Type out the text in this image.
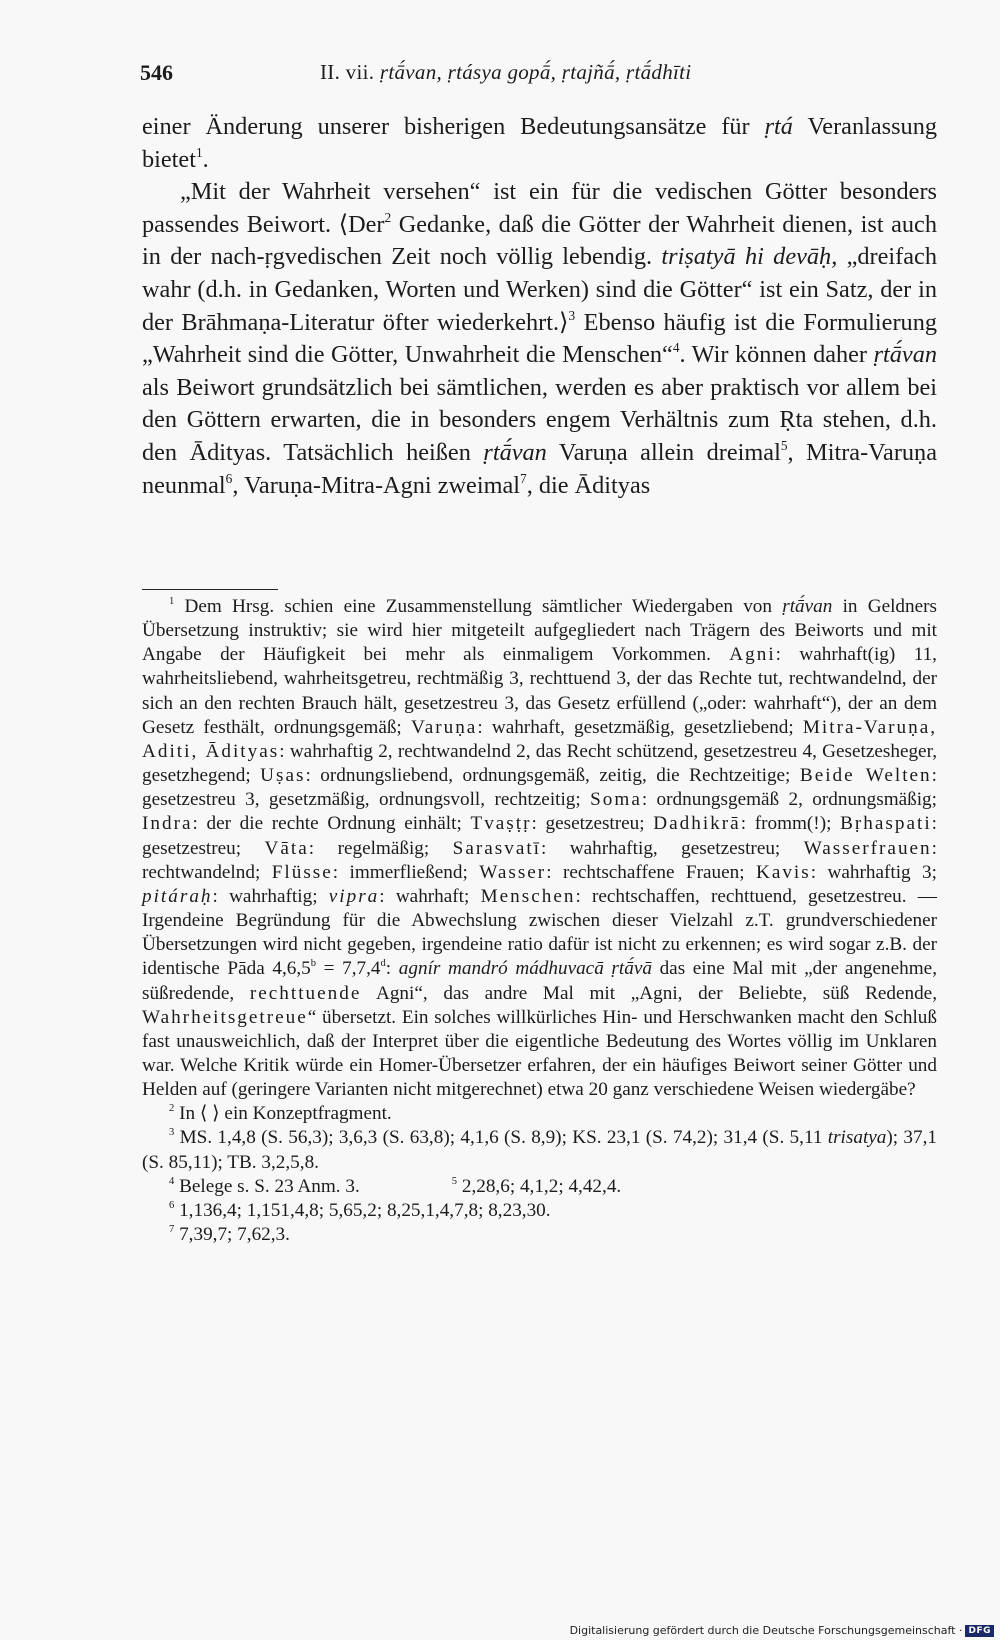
546	II. vii. ṛtā́van, ṛtásya gopā́, ṛtajñā́, ṛtā́dhīti

einer Änderung unserer bisherigen Bedeutungsansätze für ṛtá Veranlassung bietet$^1$.

„Mit der Wahrheit versehen“ ist ein für die vedischen Götter besonders passendes Beiwort. ⟨Der$^2$ Gedanke, daß die Götter der Wahrheit dienen, ist auch in der nach-ṛgvedischen Zeit noch völlig lebendig. triṣatyā hi devāḥ, „dreifach wahr (d.h. in Gedanken, Worten und Werken) sind die Götter“ ist ein Satz, der in der Brāhmaṇa-Literatur öfter wiederkehrt.⟩$^3$ Ebenso häufig ist die Formulierung „Wahrheit sind die Götter, Unwahrheit die Menschen“$^4$. Wir können daher ṛtā́van als Beiwort grundsätzlich bei sämtlichen, werden es aber praktisch vor allem bei den Göttern erwarten, die in besonders engem Verhältnis zum Ṛta stehen, d.h. den Ādityas. Tatsächlich heißen ṛtā́van Varuṇa allein dreimal$^5$, Mitra-Varuṇa neunmal$^6$, Varuṇa-Mitra-Agni zweimal$^7$, die Ādityas

$^1$ Dem Hrsg. schien eine Zusammenstellung sämtlicher Wiedergaben von ṛtā́van in Geldners Übersetzung instruktiv; sie wird hier mitgeteilt aufgegliedert nach Trägern des Beiworts und mit Angabe der Häufigkeit bei mehr als einmaligem Vorkommen. Agni: wahrhaft(ig) 11, wahrheitsliebend, wahrheitsgetreu, rechtmäßig 3, rechttuend 3, der das Rechte tut, rechtwandelnd, der sich an den rechten Brauch hält, gesetzestreu 3, das Gesetz erfüllend („oder: wahrhaft“), der an dem Gesetz festhält, ordnungsgemäß; Varuṇa: wahrhaft, gesetzmäßig, gesetzliebend; Mitra-Varuṇa, Aditi, Ādityas: wahrhaftig 2, rechtwandelnd 2, das Recht schützend, gesetzestreu 4, Gesetzesheger, gesetzhegend; Uṣas: ordnungsliebend, ordnungsgemäß, zeitig, die Rechtzeitige; Beide Welten: gesetzestreu 3, gesetzmäßig, ordnungsvoll, rechtzeitig; Soma: ordnungsgemäß 2, ordnungsmäßig; Indra: der die rechte Ordnung einhält; Tvaṣṭṛ: gesetzestreu; Dadhikrā: fromm(!); Bṛhaspati: gesetzestreu; Vāta: regelmäßig; Sarasvatī: wahrhaftig, gesetzestreu; Wasserfrauen: rechtwandelnd; Flüsse: immerfließend; Wasser: rechtschaffene Frauen; Kavis: wahrhaftig 3; pitáraḥ: wahrhaftig; vipra: wahrhaft; Menschen: rechtschaffen, rechttuend, gesetzestreu. — Irgendeine Begründung für die Abwechslung zwischen dieser Vielzahl z.T. grundverschiedener Übersetzungen wird nicht gegeben, irgendeine ratio dafür ist nicht zu erkennen; es wird sogar z.B. der identische Pāda 4,6,5$^b$ = 7,7,4$^d$: agnír mandró mádhuvacā ṛtā́vā das eine Mal mit „der angenehme, süßredende, rechttuende Agni“, das andre Mal mit „Agni, der Beliebte, süß Redende, Wahrheitsgetreue“ übersetzt. Ein solches willkürliches Hin- und Herschwanken macht den Schluß fast unausweichlich, daß der Interpret über die eigentliche Bedeutung des Wortes völlig im Unklaren war. Welche Kritik würde ein Homer-Übersetzer erfahren, der ein häufiges Beiwort seiner Götter und Helden auf (geringere Varianten nicht mitgerechnet) etwa 20 ganz verschiedene Weisen wiedergäbe?

$^2$ In ⟨ ⟩ ein Konzeptfragment.

$^3$ MS. 1,4,8 (S. 56,3); 3,6,3 (S. 63,8); 4,1,6 (S. 8,9); KS. 23,1 (S. 74,2); 31,4 (S. 5,11 trisatya); 37,1 (S. 85,11); TB. 3,2,5,8.

$^4$ Belege s. S. 23 Anm. 3.	$^5$ 2,28,6; 4,1,2; 4,42,4.

$^6$ 1,136,4; 1,151,4,8; 5,65,2; 8,25,1,4,7,8; 8,23,30.

$^7$ 7,39,7; 7,62,3.

Digitalisierung gefördert durch die Deutsche Forschungsgemeinschaft · DFG
